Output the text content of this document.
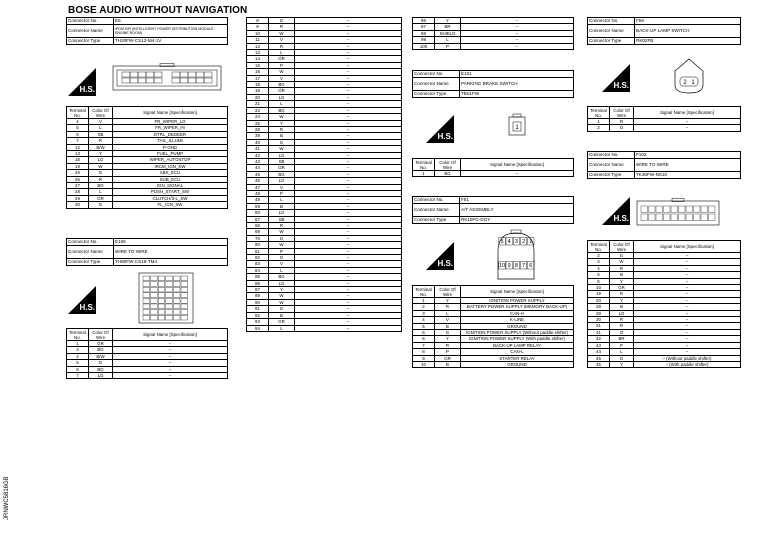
BOSE AUDIO WITHOUT NAVIGATION
JRNWC5816GB
Connector No.	E5
Connector Name	IPDM E/R (INTELLIGENT POWER DISTRIBUTION MODULE ENGINE ROOM)
Connector Type	TH20FW-CS12-M4-1V
H.S.
Terminal No.	Color Of Wire	Signal Name [Specification]
4	V	FR_WIPER_LO
5	L	FR_WIPER_HI
6	SB	DTRL_DEDEER
7	R	TAIL_ILLUMI
12	B/W	P-GND
13	Y	FUEL_PUMP
16	LG	WIPER_AUTOSTOP
19	W	IRCM_IGN_SW
25	G	ABS_ECU
26	R	SUB_ECU
27	BG	IGN_SIGNAL
28	L	PUSH_START_SW
29	GR	CLUTCH/3-L_SW
30	G	FL_IGN_SW
Connector No.	E106
Connector Name	WIRE TO WIRE
Connector Type	TH80FW-CS16-TM4
H.S.
Terminal No.	Color Of Wire	Signal Name [Specification]
1	GR	–
3	BG	–
4	B/W	–
5	G	–
6	BG	–
7	LG	–
8	G	–
9	R	–
10	W	–
11	V	–
12	R	–
13	L	–
14	GR	–
15	P	–
16	W	–
17	V	–
18	BG	–
19	GR	–
20	LG	–
21	L	–
22	BG	–
24	W	–
25	Y	–
28	R	–
39	B	–
40	G	–
41	W	–
42	LG	–
43	SB	–
44	GR	–
45	BG	–
46	LG	–
47	V	–
48	P	–
49	L	–
59	B	–
60	LG	–
67	SB	–
68	R	–
69	W	–
70	G	–
80	W	–
81	P	–
82	G	–
83	V	–
84	L	–
85	BG	–
86	LG	–
87	Y	–
89	W	–
90	W	–
91	G	–
92	B	–
93	GR	–
94	L	–
95	Y	–
97	BR	–
98	SHIELD	–
99	L	–
100	P	–
Connector No.	E101
Connector Name	PARKING BRAKE SWITCH
Connector Type	TB01FW
H.S.
1
Terminal No.	Color Of Wire	Signal Name [Specification]
1	BG	–
Connector No.	F51
Connector Name	A/T ASSEMBLY
Connector Type	RK10FG-DGY
H.S.
5 4 3 2 1
10 9 8 7 6
Terminal No.	Color Of Wire	Signal Name [Specification]
1	Y	IGNITION POWER SUPPLY
2	R	BATTERY POWER SUPPLY (MEMORY BACK-UP)
3	L	CAN-H
4	V	K-LINE
5	B	GROUND
6	G	IGNITION POWER SUPPLY (Without paddle shifter)
6	Y	IGNITION POWER SUPPLY (With paddle shifter)
7	R	BACK-UP LAMP RELAY
8	P	CAN-L
9	GR	STARTER RELAY
10	B	GROUND
Connector No.	F56
Connector Name	BACK-UP LAMP SWITCH
Connector Type	RK02FB
H.S.	2 1
Terminal No.	Color Of Wire	Signal Name [Specification]
1	R	–
2	O	–
Connector No.	F102
Connector Name	WIRE TO WIRE
Connector Type	TK36FW-NS10
H.S.
Terminal No.	Color Of Wire	Signal Name [Specification]
2	G	–
3	W	–
4	R	–
5	B	–
6	Y	–
10	GR	–
19	R	–
20	Y	–
28	B	–
29	LG	–
30	R	–
31	R	–
41	O	–
42	BR	–
43	P	–
44	L	–
45	G	– (Without paddle shifter)
45	Y	– (With paddle shifter)
